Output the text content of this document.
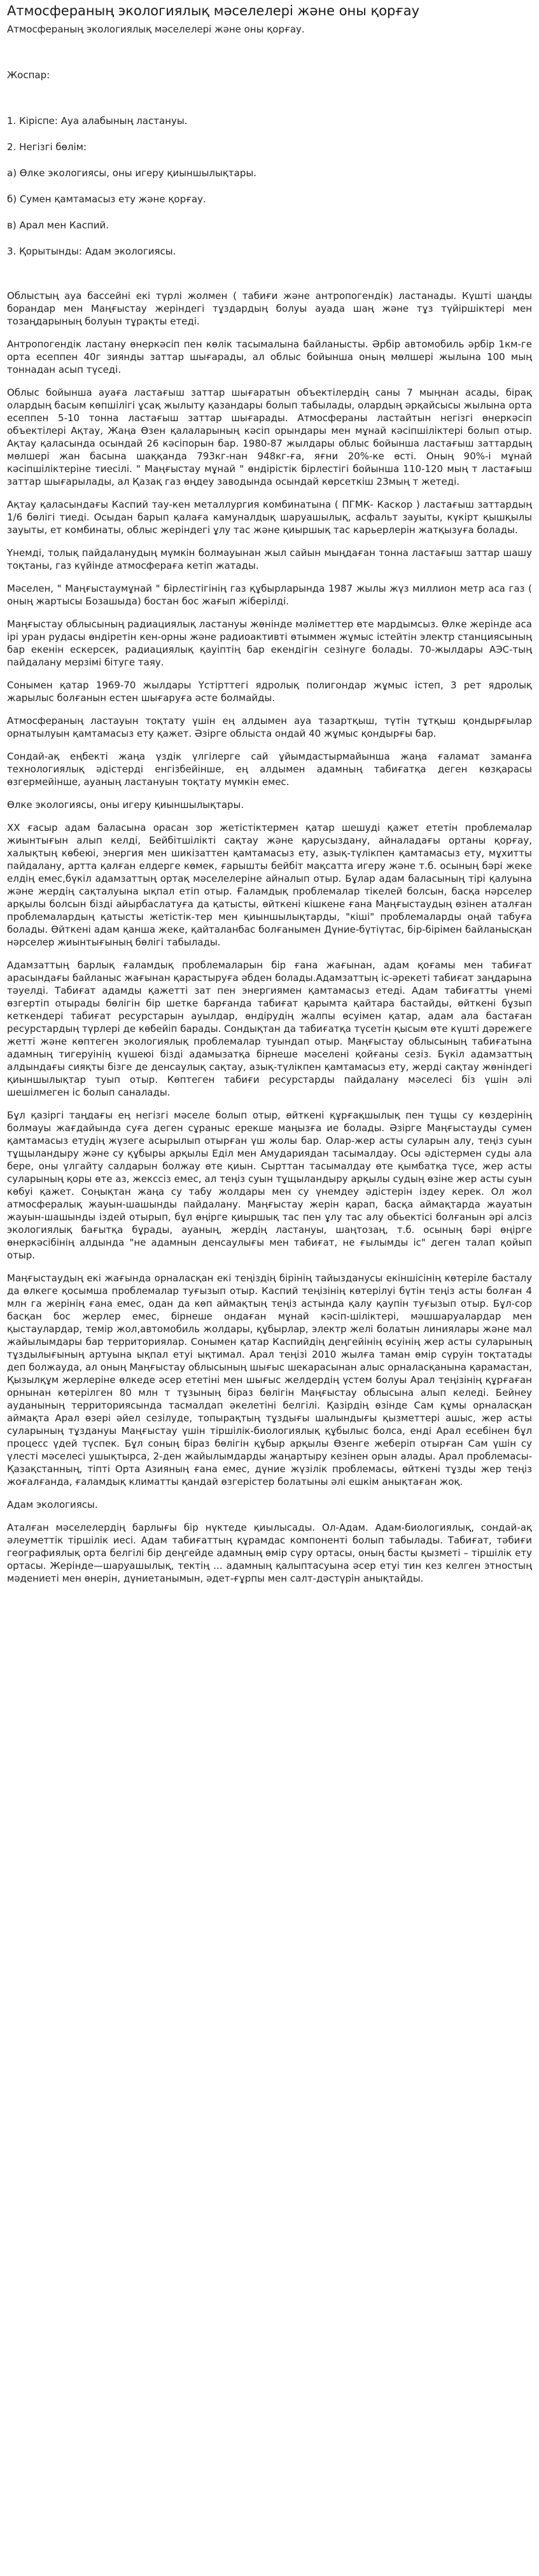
Атмосфераның экологиялық мәселелері және оны қорғау
Атмосфераның экологиялық мәселелері және оны қорғау.
Жоспар:
1. Кіріспе: Ауа алабының ластануы.
2. Негізгі бөлім:
а) Өлке экологиясы, оны игеру қиыншылықтары.
б) Сумен қамтамасыз ету және қорғау.
в) Арал мен Каспий.
3. Қорытынды: Адам экологиясы.

Облыстың ауа бассейні екі түрлі жолмен ( табиғи және антропогендік) ластанады. Күшті шаңды борандар мен Маңғыстау жеріндегі тұздардың болуы ауада шаң және тұз түйіршіктері мен тозаңдарының болуын тұрақты етеді.

Антропогендік ластану өнеркәсіп пен көлік тасымалына байланысты. Әрбір автомобиль әрбір 1км-ге орта есеппен 40г зиянды заттар шығарады, ал облыс бойынша оның мөлшері жылына 100 мың тоннадан асып түседі.

Облыс бойынша ауаға ластағыш заттар шығаратын объектілердің саны 7 мыңнан асады, бірақ олардың басым көпшілігі ұсақ жылыту қазандары болып табылады, олардың әрқайсысы жылына орта есеппен 5-10 тонна ластағыш заттар шығарады. Атмосфераны ластайтын негізгі өнеркәсіп объектілері Ақтау, Жаңа Өзен қалаларының кәсіп орындары мен мұнай кәсіпшіліктері болып отыр. Ақтау қаласында осындай 26 кәсіпорын бар. 1980-87 жылдары облыс бойынша ластағыш заттардың мөлшері жан басына шаққанда 793кг-нан 948кг-ға, яғни 20%-ке өсті. Оның 90%-і мұнай кәсіпшіліктеріне тиесілі. " Маңғыстау мұнай " өндірістік бірлестігі бойынша 110-120 мың т ластағыш заттар шығарылады, ал Қазақ газ өңдеу заводында осындай көрсеткіш 23мың т жетеді.

Ақтау қаласындағы Каспий тау-кен металлургия комбинатына ( ПГМК- Каскор ) ластағыш заттардың 1/6 бөлігі тиеді. Осыдан барып қалаға камуналдық шаруашылық, асфальт зауыты, күкірт қышқылы зауыты, ет комбинаты, облыс жеріндегі ұлу тас және қиыршық тас карьерлерін жатқызуға болады.

Үнемді, толық пайдаланудың мүмкін болмауынан жыл сайын мыңдаған тонна ластағыш заттар шашу тоқтаны, газ күйінде атмосфераға кетіп жатады.

Мәселен, " Маңғыстаумұнай " бірлестігінің газ құбырларында 1987 жылы жүз миллион метр аса газ ( оның жартысы Бозашыда) бостан бос жағып жіберілді.

Маңғыстау облысының радиациялық ластануы жөнінде мәліметтер өте мардымсыз. Өлке жерінде аса ірі уран рудасы өндіретін кен-орны және радиоактивті өтыммен жұмыс істейтін электр станциясының бар екенін ескерсек, радиациялық қауіптің бар екендігін сезінуге болады. 70-жылдары АЭС-тың пайдалану мерзімі бітуге таяу.

Сонымен қатар 1969-70 жылдары Үстірттегі ядролық полигондар жұмыс істеп, 3 рет ядролық жарылыс болғанын естен шығаруға әсте болмайды.

Атмосфераның ластауын тоқтату үшін ең алдымен ауа тазартқыш, түтін тұтқыш қондырғылар орнатылуын қамтамасыз ету қажет. Әзірге облыста ондай 40 жұмыс қондырғы бар.

Сондай-ақ еңбекті жаңа үздік үлгілерге сай ұйымдастырмайынша жаңа ғаламат заманға технологиялық әдістерді енгізбейінше, ең алдымен адамның табиғатқа деген көзқарасы өзгермейінше, ауаның ластануын тоқтату мүмкін емес.

Өлке экологиясы, оны игеру қиыншылықтары.

ХХ ғасыр адам баласына орасан зор жетістіктермен қатар шешуді қажет ететін проблемалар жиынтығын алып келді, Бейбітшілікті сақтау және қарусыздану, айналадағы ортаны қорғау, халықтың көбеюі, энергия мен шикізаттен қамтамасыз ету, азық-түлікпен қамтамасыз ету, мұхитты пайдалану, артта қалған елдерге көмек, ғарышты бейбіт мақсатта игеру және т.б. осының бәрі жеке елдің емес,бүкіл адамзаттың ортақ мәселелеріне айналып отыр. Бұлар адам баласының тірі қалуына және жердің сақталуына ықпал етіп отыр. Ғаламдық проблемалар тікелей болсын, басқа нәрселер арқылы болсын бізді айырбаслатуға да қатысты, өйткені кішкене ғана Маңғыстаудың өзінен аталған проблемалардың қатысты жетістік-тер мен қиыншылықтарды, "кіші" проблемаларды оңай табуға болады. Өйткені адам қанша жеке, қайталанбас болғанымен Дүние-бүтіүтас, бір-бірімен байланысқан нәрселер жиынтығының бөлігі табылады.

Адамзаттың барлық ғаламдық проблемаларын бір ғана жағынан, адам қоғамы мен табиғат арасындағы байланыс жағынан қарастыруға әбден болады.Адамзаттың іс-әрекеті табиғат заңдарына тәуелді. Табиғат адамды қажетті зат пен энергиямен қамтамасыз етеді. Адам табиғатты үнемі өзгертіп отырады бөлігін бір шетке барғанда табиғат қарымта қайтара бастайды, өйткені бұзып кеткендері табиғат ресурстарын ауылдар, өндірудің жалпы өсуімен қатар, адам ала бастаған ресурстардың түрлері де көбейіп барады. Сондықтан да табиғатқа түсетін қысым өте күшті дәрежеге жетті және көптеген экологиялық проблемалар туындап отыр. Маңғыстау облысының табиғатына адамның тигеруінің күшеюі бізді адамызатқа бірнеше мәселені қойғаны сезіз. Бүкіл адамзаттың алдындағы сияқты бізге де денсаулық сақтау, азық-түлікпен қамтамасыз ету, жерді сақтау жөніндегі қиыншылықтар туып отыр. Көптеген табиғи ресурстарды пайдалану мәселесі біз үшін әлі шешілмеген іс болып саналады.

Бұл қазіргі таңдағы ең негізгі мәселе болып отыр, өйткені құрғақшылық пен тұщы су көздерінің болмауы жағдайында суға деген сұраныс ерекше маңызға ие болады. Әзірге Маңғыстауды сумен қамтамасыз етудің жүзеге асырылып отырған үш жолы бар. Олар-жер асты суларын алу, теңіз суын тұщыландыру және су құбыры арқылы Еділ мен Амудариядан тасымалдау. Осы әдістермен суды ала бере, оны үлгайту салдарын болжау өте қиын. Сырттан тасымалдау өте қымбатқа түсе, жер асты суларының қоры өте аз, жекссіз емес, ал теңіз суын тұщыландыру арқылы судың өзіне жер асты суын көбуі қажет. Соңықтан жаңа су табу жолдары мен су үнемдеу әдістерін іздеу керек. Ол жол атмосфералық жауын-шашынды пайдалану. Маңғыстау жерін қарап, басқа аймақтарда жауатын жауын-шашынды іздей отырып, бұл өңірге қиыршық тас пен ұлу тас алу обьектісі болғанын әрі алсіз экологиялық бағытқа бұрады, ауаның, жердің ластануы, шаңтозаң, т.б. осының бәрі өңірге өнеркәсібінің алдында "не адамнын денсаулығы мен табиғат, не ғылымды іс" деген талап қойып отыр.

Маңғыстаудың екі жағында орналасқан екі теңіздің бірінің тайызданусы екіншісінің көтеріле басталу да өлкеге қосымша проблемалар туғызып отыр. Каспий теңізінің көтерілуі бүтін теңіз асты болған 4 млн га жерінің ғана емес, одан да көп аймақтың теңіз астында қалу қаупін туғызып отыр. Бұл-сор басқан бос жерлер емес, бірнеше ондаған мұнай кәсіп-шіліктері, мәшшаруалардар мен қыстаулардар, темір жол,автомобиль жолдары, құбырлар, электр желі болатын линиялары және мал жайылымдары бар территориялар. Сонымен қатар Каспийдің деңгейінің өсуінің жер асты суларының тұздылығының артуына ықпал етуі ықтимал. Арал теңізі 2010 жылға таман өмір сүруін тоқтатады деп болжауда, ал оның Маңғыстау облысының шығыс шекарасынан алыс орналасқанына қарамастан, Қызылқұм жерлеріне өлкеде әсер ететіні мен шығыс желдердің үстем болуы Арал теңізінің құрғаған орнынан көтерілген 80 млн т тұзының біраз бөлігін Маңғыстау облысына алып келеді. Бейнеу ауданының территориясында тасмалдап әкелетіні белгілі. Қазірдің өзінде Сам құмы орналасқан аймақта Арал өзері әйел сезілуде, топырақтың тұздығы шалындығы қызметтері ашыс, жер асты суларының тұздануы Маңғыстау үшін тіршілік-биологиялық құбылыс болса, енді Арал есебінен бұл процесс үдей түспек. Бұл соның біраз бөлігін құбыр арқылы Өзенге жеберіп отырған Сам үшін су үлесті мәселесі ушықтырса, 2-ден жайылымдарды жаңартыру кезінен орын алады. Арал проблемасы- Қазақстанның, тіпті Орта Азияның ғана емес, дүние жүзілік проблемасы, өйткені тұзды жер теңіз жоғалғанда, ғаламдық климатты қандай өзгерістер болатыны әлі ешкім анықтаған жоқ.

Адам экологиясы.

Аталған мәселелердің барлығы бір нүктеде қиылысады. Ол-Адам. Адам-биологиялық, сондай-ақ әлеуметтік тіршілік иесі. Адам табиғаттың құрамдас компоненті болып табылады. Табиғат, тәбиғи географиялық орта белгілі бір деңгейде адамның өмір сүру ортасы, оның басты қызметі – тіршілік ету ортасы. Жерінде—шаруашылық, тектің ... адамның қалыптасуына әсер етуі тин кез келген этностың мәдениеті мен өнерін, дүниетанымын, әдет-ғұрпы мен салт-дәстүрін анықтайды.
